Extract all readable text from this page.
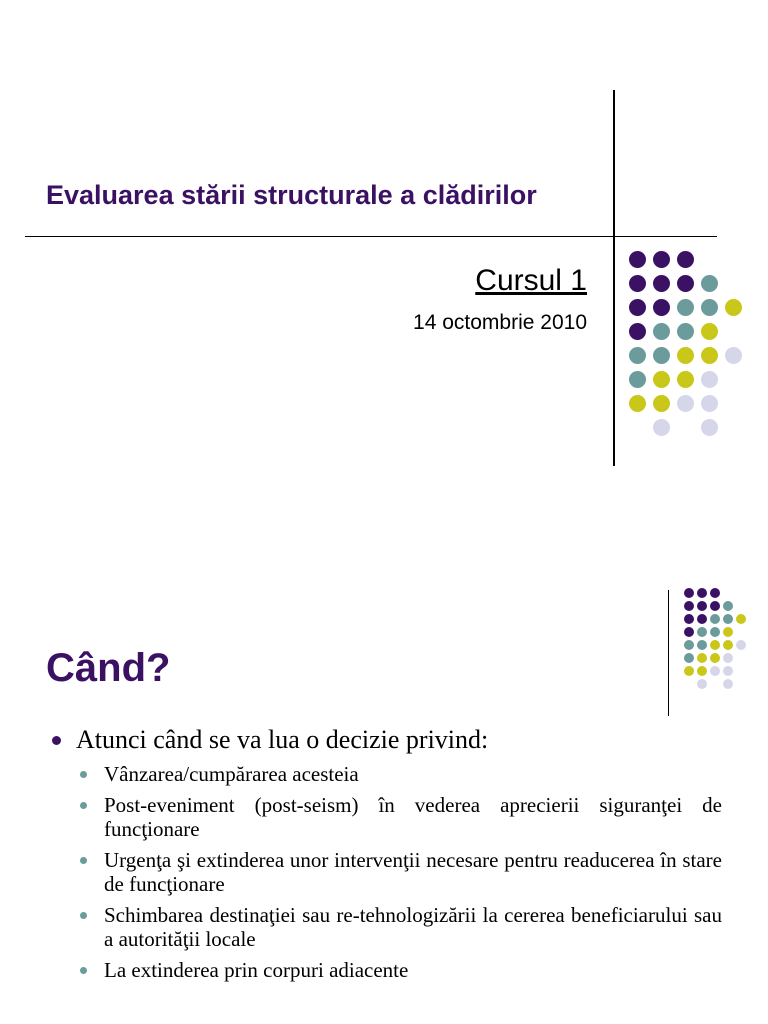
Evaluarea stării structurale a clădirilor
Cursul 1
14 octombrie 2010
Când?
Atunci când se va lua o decizie privind:
Vânzarea/cumpărarea acesteia
Post-eveniment (post-seism) în vederea aprecierii siguranţei de funcţionare
Urgenţa şi extinderea unor intervenţii necesare pentru readucerea în stare de funcţionare
Schimbarea destinaţiei sau re-tehnologizării la cererea beneficiarului sau a autorităţii locale
La extinderea prin corpuri adiacente
